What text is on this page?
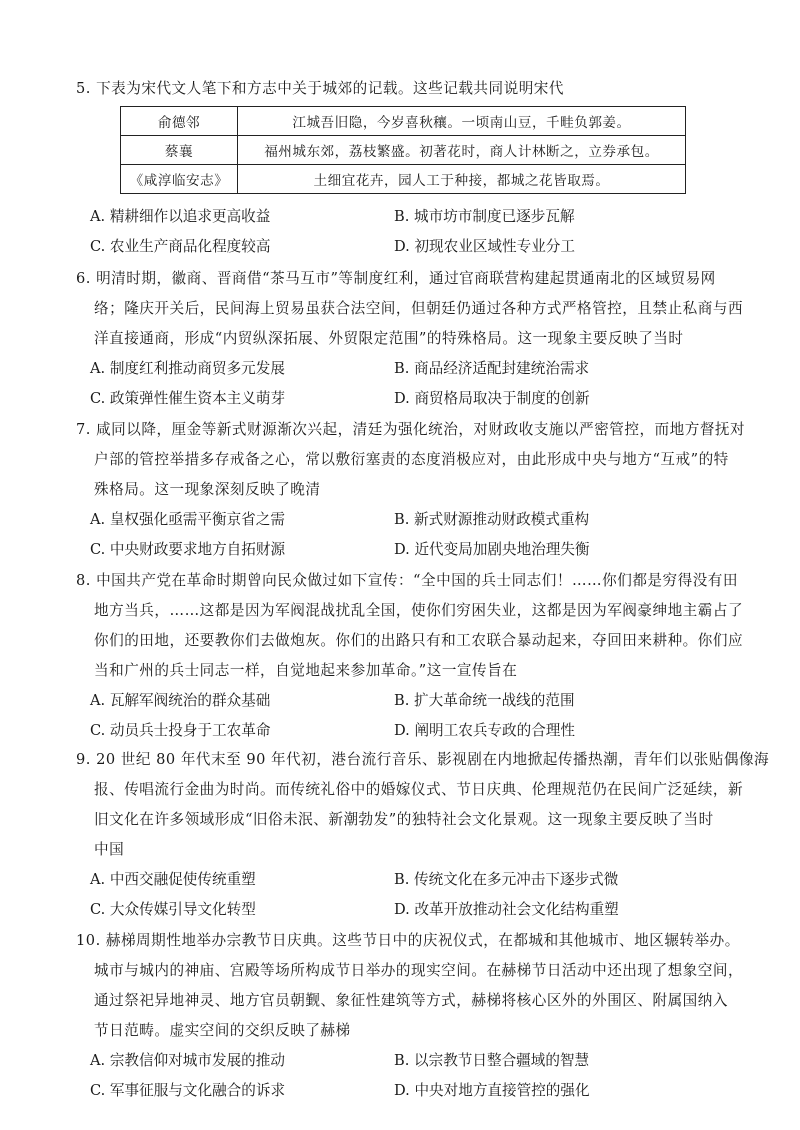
5. 下表为宋代文人笔下和方志中关于城郊的记载。这些记载共同说明宋代
俞德邻	江城吾旧隐，今岁喜秋穰。一顷南山豆，千畦负郭姜。
蔡襄	福州城东郊，荔枝繁盛。初著花时，商人计林断之，立券承包。
《咸淳临安志》	土细宜花卉，园人工于种接，都城之花皆取焉。
A. 精耕细作以追求更高收益	B. 城市坊市制度已逐步瓦解
C. 农业生产商品化程度较高	D. 初现农业区域性专业分工
6. 明清时期，徽商、晋商借“茶马互市”等制度红利，通过官商联营构建起贯通南北的区域贸易网
络；隆庆开关后，民间海上贸易虽获合法空间，但朝廷仍通过各种方式严格管控，且禁止私商与西
洋直接通商，形成“内贸纵深拓展、外贸限定范围”的特殊格局。这一现象主要反映了当时
A. 制度红利推动商贸多元发展	B. 商品经济适配封建统治需求
C. 政策弹性催生资本主义萌芽	D. 商贸格局取决于制度的创新
7. 咸同以降，厘金等新式财源渐次兴起，清廷为强化统治，对财政收支施以严密管控，而地方督抚对
户部的管控举措多存戒备之心，常以敷衍塞责的态度消极应对，由此形成中央与地方“互戒”的特
殊格局。这一现象深刻反映了晚清
A. 皇权强化亟需平衡京省之需	B. 新式财源推动财政模式重构
C. 中央财政要求地方自拓财源	D. 近代变局加剧央地治理失衡
8. 中国共产党在革命时期曾向民众做过如下宣传：“全中国的兵士同志们！……你们都是穷得没有田
地方当兵，……这都是因为军阀混战扰乱全国，使你们穷困失业，这都是因为军阀豪绅地主霸占了
你们的田地，还要教你们去做炮灰。你们的出路只有和工农联合暴动起来，夺回田来耕种。你们应
当和广州的兵士同志一样，自觉地起来参加革命。”这一宣传旨在
A. 瓦解军阀统治的群众基础	B. 扩大革命统一战线的范围
C. 动员兵士投身于工农革命	D. 阐明工农兵专政的合理性
9. 20 世纪 80 年代末至 90 年代初，港台流行音乐、影视剧在内地掀起传播热潮，青年们以张贴偶像海
报、传唱流行金曲为时尚。而传统礼俗中的婚嫁仪式、节日庆典、伦理规范仍在民间广泛延续，新
旧文化在许多领域形成“旧俗未泯、新潮勃发”的独特社会文化景观。这一现象主要反映了当时
中国
A. 中西交融促使传统重塑	B. 传统文化在多元冲击下逐步式微
C. 大众传媒引导文化转型	D. 改革开放推动社会文化结构重塑
10. 赫梯周期性地举办宗教节日庆典。这些节日中的庆祝仪式，在都城和其他城市、地区辗转举办。
城市与城内的神庙、宫殿等场所构成节日举办的现实空间。在赫梯节日活动中还出现了想象空间，
通过祭祀异地神灵、地方官员朝觐、象征性建筑等方式，赫梯将核心区外的外围区、附属国纳入
节日范畴。虚实空间的交织反映了赫梯
A. 宗教信仰对城市发展的推动	B. 以宗教节日整合疆域的智慧
C. 军事征服与文化融合的诉求	D. 中央对地方直接管控的强化
